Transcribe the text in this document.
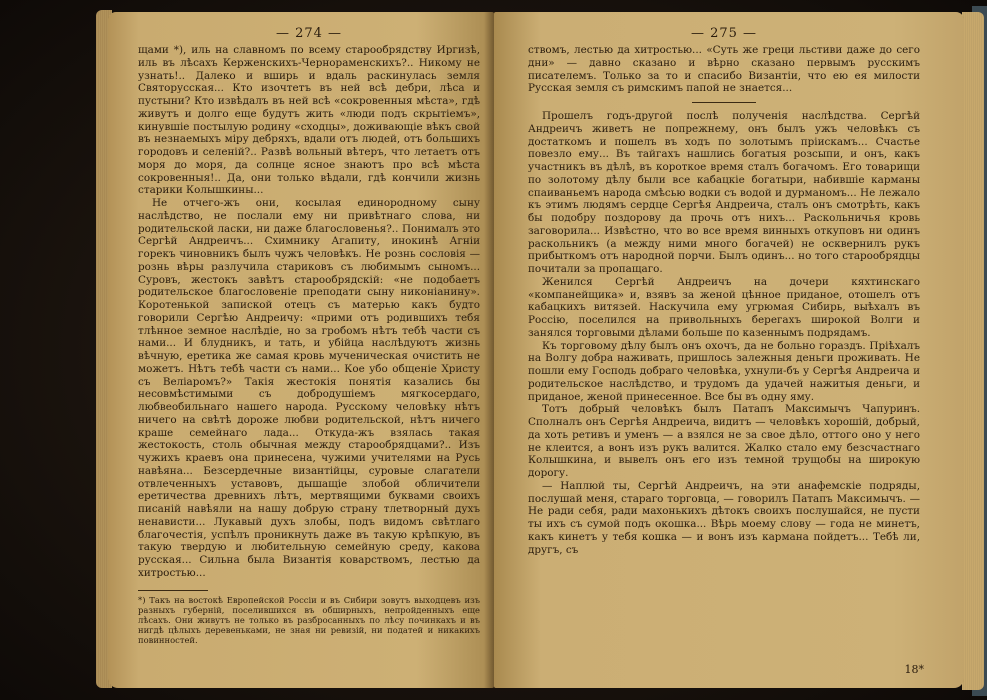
— 274 —

щами *), иль на славномъ по всему старообрядству Иргизѣ, иль въ лѣсахъ Керженскихъ-Чернораменскихъ?.. Никому не узнать!.. Далеко и вширь и вдаль раскинулась земля Святорусская... Кто изочтетъ въ ней всѣ дебри, лѣса и пустыни? Кто извѣдалъ въ ней всѣ «сокровенныя мѣста», гдѣ живутъ и долго еще будутъ жить «люди подъ скрытіемъ», кинувшіе постылую родину «сходцы», доживающіе вѣкъ свой въ незнаемыхъ міру дебряхъ, вдали отъ людей, отъ большихъ городовъ и селеній?.. Развѣ вольный вѣтеръ, что летаетъ отъ моря до моря, да солнце ясное знаютъ про всѣ мѣста сокровенныя!.. Да, они только вѣдали, гдѣ кончили жизнь старики Колышкины...

Не отчего-жъ они, косылая единородному сыну наслѣдство, не послали ему ни привѣтнаго слова, ни родительской ласки, ни даже благословенья?.. Понималъ это Сергѣй Андреичъ... Схимнику Агапиту, инокинѣ Агніи горекъ чиновникъ былъ чужъ человѣкъ. Не рознь сословія — рознь вѣры разлучила стариковъ съ любимымъ сыномъ... Суровъ, жестокъ завѣтъ старообрядскій: «не подобаетъ родительское благословеніе преподати сыну никоніанину». Коротенькой запиской отецъ съ матерью какъ будто говорили Сергѣю Андреичу: «прими отъ родившихъ тебя тлѣнное земное наслѣдіе, но за гробомъ нѣтъ тебѣ части съ нами... И блудникъ, и тать, и убійца наслѣдуютъ жизнь вѣчную, еретика же самая кровь мученическая очистить не можетъ. Нѣтъ тебѣ части съ нами... Кое убо общеніе Христу съ Веліаромъ?» Такія жестокія понятія казались бы несовмѣстимыми съ добродушіемъ мягкосердаго, любвеобильнаго нашего народа. Русскому человѣку нѣтъ ничего на свѣтѣ дороже любви родительской, нѣтъ ничего краше семейнаго лада... Откуда-жъ взялась такая жестокость, столь обычная между старообрядцами?.. Изъ чужихъ краевъ она принесена, чужими учителями на Русь навѣяна... Безсердечные византійцы, суровые слагатели отвлеченныхъ уставовъ, дышащіе злобой обличители еретичества древнихъ лѣтъ, мертвящими буквами своихъ писаній навѣяли на нашу добрую страну тлетворный духъ ненависти... Лукавый духъ злобы, подъ видомъ свѣтлаго благочестія, успѣлъ проникнуть даже въ такую крѣпкую, въ такую твердую и любительную семейную среду, какова русская... Сильна была Византія коварствомъ, лестью да хитростью...

*) Такъ на востокѣ Европейской Россіи и въ Сибири зовутъ выходцевъ изъ разныхъ губерній, поселившихся въ обширныхъ, непройденныхъ еще лѣсахъ. Они живутъ не только въ разбросанныхъ по лѣсу починкахъ и въ нигдѣ цѣлыхъ деревеньками, не зная ни ревизій, ни податей и никакихъ повинностей.
— 275 —

ствомъ, лестью да хитростью... «Суть же греци льстиви даже до сего дни» — давно сказано и вѣрно сказано первымъ русскимъ писателемъ. Только за то и спасибо Византіи, что ею ея милости Русская земля съ римскимъ папой не знается...

Прошелъ годъ-другой послѣ полученія наслѣдства. Сергѣй Андреичъ живетъ не попрежнему, онъ былъ ужъ человѣкъ съ достаткомъ и пошелъ въ ходъ по золотымъ прiискамъ... Счастье повезло ему... Въ тайгахъ нашлись богатыя розсыпи, и онъ, какъ участникъ въ дѣлѣ, въ короткое время сталъ богачомъ. Его товарищи по золотому дѣлу были все кабацкіе богатыри, набившіе карманы спаиваньемъ народа смѣсью водки съ водой и дурманомъ... Не лежало къ этимъ людямъ сердце Сергѣя Андреича, сталъ онъ смотрѣть, какъ бы подобру поздорову да прочь отъ нихъ... Раскольничья кровь заговорила... Извѣстно, что во все время винныхъ откуповъ ни одинъ раскольникъ (а между ними много богачей) не осквернилъ рукъ прибыткомъ отъ народной порчи. Былъ одинъ... но того старообрядцы почитали за пропащаго.

Женился Сергѣй Андреичъ на дочери кяхтинскаго «компанейщика» и, взявъ за женой цѣнное приданое, отошелъ отъ кабацкихъ витязей. Наскучила ему угрюмая Сибирь, выѣхалъ въ Россію, поселился на привольныхъ берегахъ широкой Волги и занялся торговыми дѣлами больше по казеннымъ подрядамъ.

Къ торговому дѣлу былъ онъ охочъ, да не больно гораздъ. Пріѣхалъ на Волгу добра наживать, пришлось залежныя деньги проживать. Не пошли ему Господь добраго человѣка, ухнули-бъ у Сергѣя Андреича и родительское наслѣдство, и трудомъ да удачей нажитыя деньги, и приданое, женой принесенное. Все бы въ одну яму.

Тотъ добрый человѣкъ былъ Патапъ Максимычъ Чапуринъ. Сполналъ онъ Сергѣя Андреича, видитъ — человѣкъ хорошій, добрый, да хоть ретивъ и уменъ — а взялся не за свое дѣло, оттого оно у него не клеится, а вонъ изъ рукъ валится. Жалко стало ему безсчастнаго Колышкина, и вывелъ онъ его изъ темной трущобы на широкую дорогу.

— Наплюй ты, Сергѣй Андреичъ, на эти анафемскіе подряды, послушай меня, стараго торговца, — говорилъ Патапъ Максимычъ. — Не ради себя, ради махонькихъ дѣтокъ своихъ послушайся, не пусти ты ихъ съ сумой подъ окошка... Вѣрь моему слову — года не минетъ, какъ кинетъ у тебя кошка — и вонъ изъ кармана пойдетъ... Тебѣ ли, другъ, съ

18*
